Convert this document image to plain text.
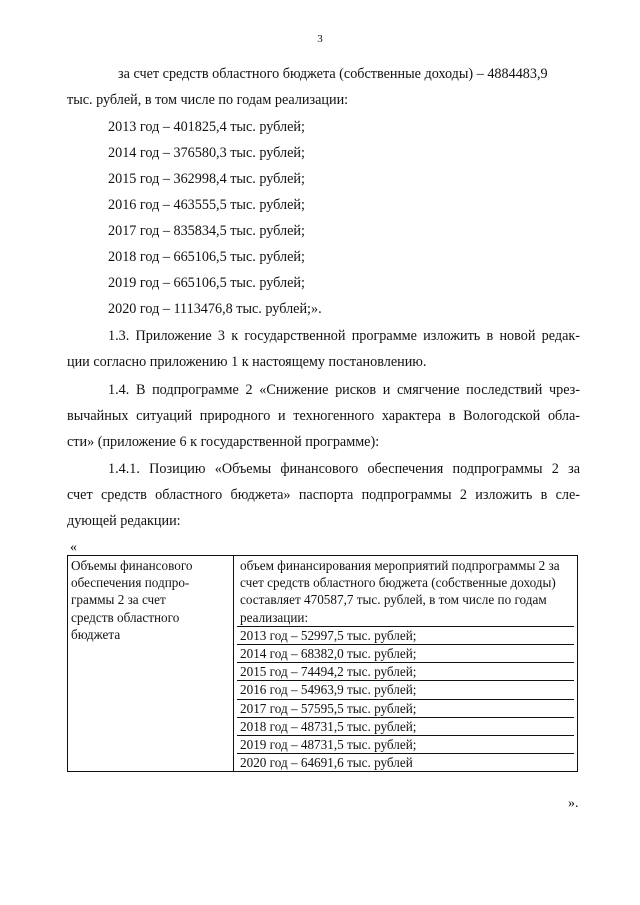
3
за счет средств областного бюджета (собственные доходы) – 4884483,9
тыс. рублей, в том числе по годам реализации:
2013 год – 401825,4 тыс. рублей;
2014 год – 376580,3 тыс. рублей;
2015 год – 362998,4 тыс. рублей;
2016 год – 463555,5 тыс. рублей;
2017 год – 835834,5 тыс. рублей;
2018 год – 665106,5 тыс. рублей;
2019 год – 665106,5 тыс. рублей;
2020 год – 1113476,8 тыс. рублей;».
1.3. Приложение 3 к государственной программе изложить в новой редак-
ции согласно приложению 1 к настоящему постановлению.
1.4. В подпрограмме 2 «Снижение рисков и смягчение последствий чрез-
вычайных ситуаций природного и техногенного характера в Вологодской обла-
сти» (приложение 6 к государственной программе):
1.4.1. Позицию «Объемы финансового обеспечения подпрограммы 2 за
счет средств областного бюджета» паспорта подпрограммы 2 изложить в сле-
дующей редакции:
«
Объемы финансового
обеспечения подпро-
граммы 2 за счет
средств областного
бюджета

объем финансирования мероприятий подпрограммы 2 за
счет средств областного бюджета (собственные доходы)
составляет 470587,7 тыс. рублей, в том числе по годам
реализации:
2013 год – 52997,5 тыс. рублей;
2014 год – 68382,0 тыс. рублей;
2015 год – 74494,2 тыс. рублей;
2016 год – 54963,9 тыс. рублей;
2017 год – 57595,5 тыс. рублей;
2018 год – 48731,5 тыс. рублей;
2019 год – 48731,5 тыс. рублей;
2020 год – 64691,6 тыс. рублей
».
